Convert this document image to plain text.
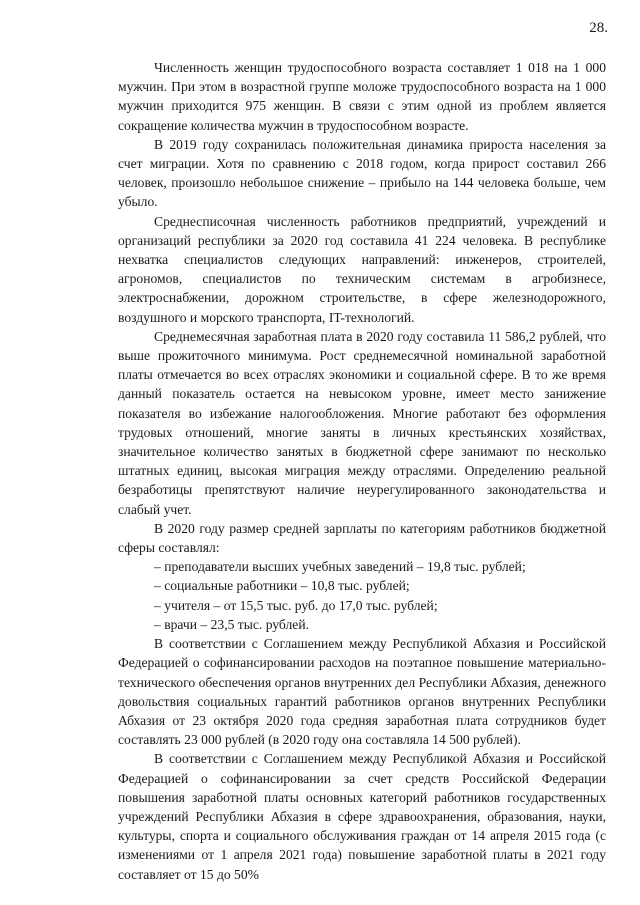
28.

Численность женщин трудоспособного возраста составляет 1 018 на 1 000 мужчин. При этом в возрастной группе моложе трудоспособного возраста на 1 000 мужчин приходится 975 женщин. В связи с этим одной из проблем является сокращение количества мужчин в трудоспособном возрасте.

В 2019 году сохранилась положительная динамика прироста населения за счет миграции. Хотя по сравнению с 2018 годом, когда прирост составил 266 человек, произошло небольшое снижение – прибыло на 144 человека больше, чем убыло.

Среднесписочная численность работников предприятий, учреждений и организаций республики за 2020 год составила 41 224 человека. В республике нехватка специалистов следующих направлений: инженеров, строителей, агрономов, специалистов по техническим системам в агробизнесе, электроснабжении, дорожном строительстве, в сфере железнодорожного, воздушного и морского транспорта, IT-технологий.

Среднемесячная заработная плата в 2020 году составила 11 586,2 рублей, что выше прожиточного минимума. Рост среднемесячной номинальной заработной платы отмечается во всех отраслях экономики и социальной сфере. В то же время данный показатель остается на невысоком уровне, имеет место занижение показателя во избежание налогообложения. Многие работают без оформления трудовых отношений, многие заняты в личных крестьянских хозяйствах, значительное количество занятых в бюджетной сфере занимают по несколько штатных единиц, высокая миграция между отраслями. Определению реальной безработицы препятствуют наличие неурегулированного законодательства и слабый учет.

В 2020 году размер средней зарплаты по категориям работников бюджетной сферы составлял:

– преподаватели высших учебных заведений – 19,8 тыс. рублей;
– социальные работники – 10,8 тыс. рублей;
– учителя – от 15,5 тыс. руб. до 17,0 тыс. рублей;
– врачи – 23,5 тыс. рублей.

В соответствии с Соглашением между Республикой Абхазия и Российской Федерацией о софинансировании расходов на поэтапное повышение материально-технического обеспечения органов внутренних дел Республики Абхазия, денежного довольствия социальных гарантий работников органов внутренних Республики Абхазия от 23 октября 2020 года средняя заработная плата сотрудников будет составлять 23 000 рублей (в 2020 году она составляла 14 500 рублей).

В соответствии с Соглашением между Республикой Абхазия и Российской Федерацией о софинансировании за счет средств Российской Федерации повышения заработной платы основных категорий работников государственных учреждений Республики Абхазия в сфере здравоохранения, образования, науки, культуры, спорта и социального обслуживания граждан от 14 апреля 2015 года (с изменениями от 1 апреля 2021 года) повышение заработной платы в 2021 году составляет от 15 до 50%
